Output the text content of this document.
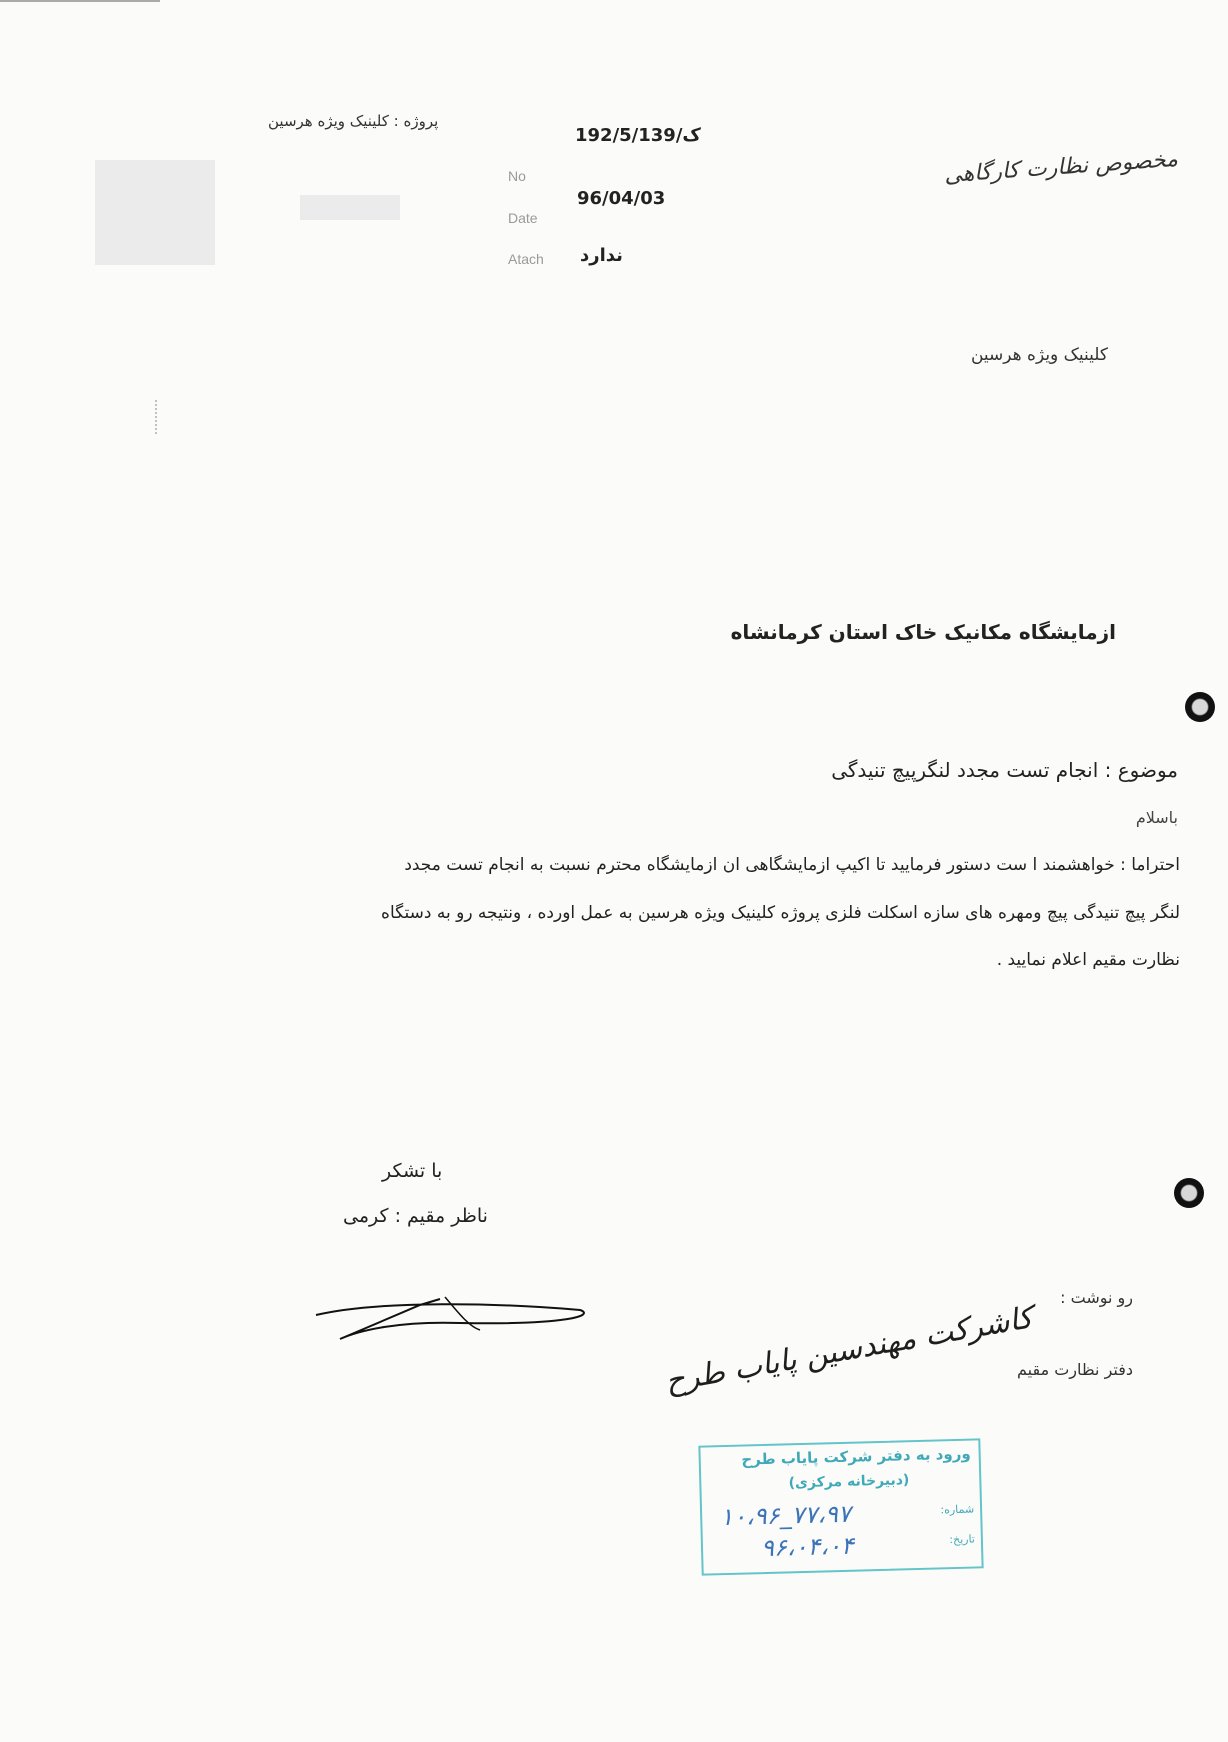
پروژه : کلینیک ویژه هرسین
No
Date
Atach
192/5/ک/139
96/04/03
ندارد
مخصوص نظارت کارگاهی
کلینیک ویژه هرسین
ازمایشگاه مکانیک خاک استان کرمانشاه
موضوع : انجام تست مجدد لنگرپیچ تنیدگی
باسلام
احتراما : خواهشمند ا ست دستور فرمایید تا اکیپ ازمایشگاهی ان ازمایشگاه محترم نسبت به انجام تست مجدد
لنگر پیچ تنیدگی پیچ ومهره های سازه اسکلت فلزی پروژه کلینیک ویژه هرسین به عمل اورده ، ونتیجه رو به دستگاه
نظارت مقیم اعلام نمایید .
با تشکر
ناظر مقیم : کرمی
رو نوشت :
کاشرکت مهندسین پایاب طرح
دفتر نظارت مقیم
ورود به دفتر شرکت پایاب طرح
(دبیرخانه مرکزی)
شماره:
تاریخ:
۱۰،۹۶_۷۷،۹۷
۹۶،۰۴،۰۴
